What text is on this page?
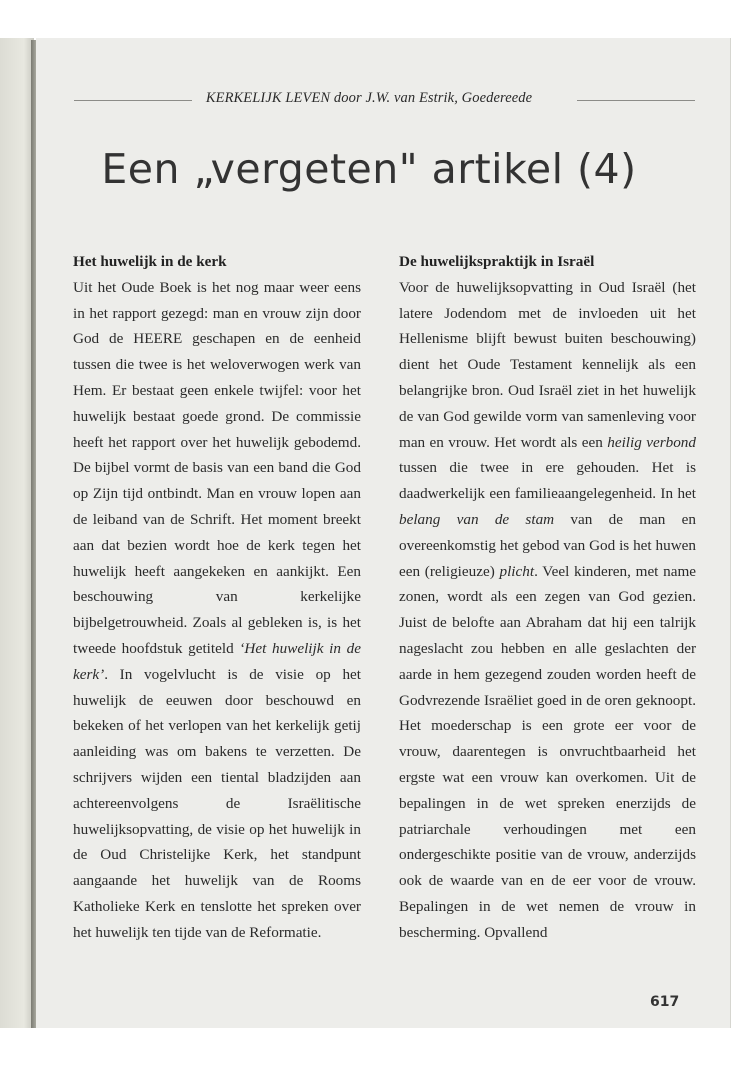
KERKELIJK LEVEN door J.W. van Estrik, Goedereede
Een „vergeten" artikel (4)
Het huwelijk in de kerk

Uit het Oude Boek is het nog maar weer eens in het rapport gezegd: man en vrouw zijn door God de HEERE geschapen en de eenheid tussen die twee is het weloverwogen werk van Hem. Er bestaat geen enkele twijfel: voor het huwelijk bestaat goede grond. De commissie heeft het rapport over het huwelijk gebodemd. De bijbel vormt de basis van een band die God op Zijn tijd ontbindt. Man en vrouw lopen aan de leiband van de Schrift. Het moment breekt aan dat bezien wordt hoe de kerk tegen het huwelijk heeft aangekeken en aankijkt. Een beschouwing van kerkelijke bijbelgetrouwheid. Zoals al gebleken is, is het tweede hoofdstuk getiteld ‘Het huwelijk in de kerk’. In vogelvlucht is de visie op het huwelijk de eeuwen door beschouwd en bekeken of het verlopen van het kerkelijk getij aanleiding was om bakens te verzetten. De schrijvers wijden een tiental bladzijden aan achtereenvolgens de Israëlitische huwelijksopvatting, de visie op het huwelijk in de Oud Christelijke Kerk, het standpunt aangaande het huwelijk van de Rooms Katholieke Kerk en tenslotte het spreken over het huwelijk ten tijde van de Reformatie.

De huwelijkspraktijk in Israël

Voor de huwelijksopvatting in Oud Israël (het latere Jodendom met de invloeden uit het Hellenisme blijft bewust buiten beschouwing) dient het Oude Testament kennelijk als een belangrijke bron. Oud Israël ziet in het huwelijk de van God gewilde vorm van samenleving voor man en vrouw. Het wordt als een heilig verbond tussen die twee in ere gehouden. Het is daadwerkelijk een familieaangelegenheid. In het belang van de stam van de man en overeenkomstig het gebod van God is het huwen een (religieuze) plicht. Veel kinderen, met name zonen, wordt als een zegen van God gezien. Juist de belofte aan Abraham dat hij een talrijk nageslacht zou hebben en alle geslachten der aarde in hem gezegend zouden worden heeft de Godvrezende Israëliet goed in de oren geknoopt. Het moederschap is een grote eer voor de vrouw, daarentegen is onvruchtbaarheid het ergste wat een vrouw kan overkomen. Uit de bepalingen in de wet spreken enerzijds de patriarchale verhoudingen met een ondergeschikte positie van de vrouw, anderzijds ook de waarde van en de eer voor de vrouw. Bepalingen in de wet nemen de vrouw in bescherming. Opvallend

617
